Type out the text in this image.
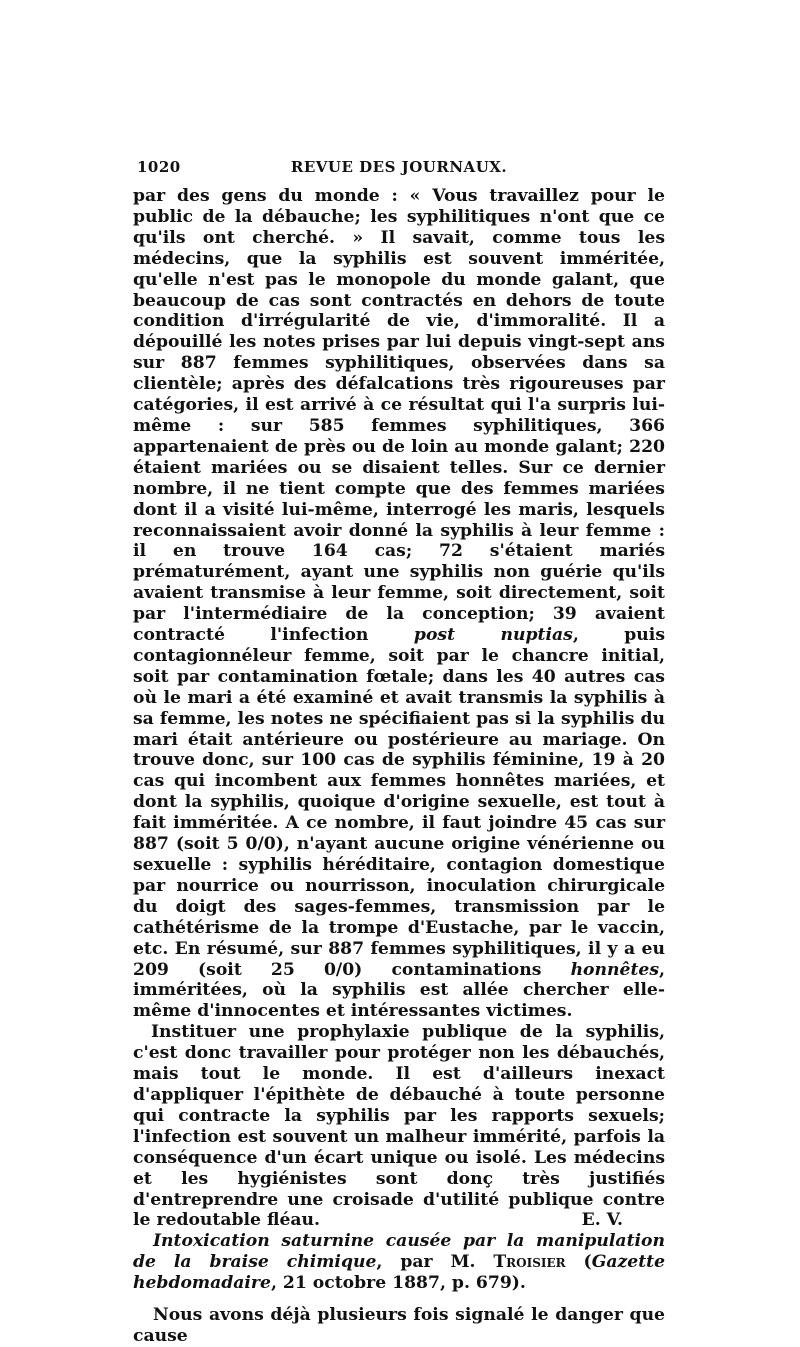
1020	REVUE DES JOURNAUX.

par des gens du monde : « Vous travaillez pour le public de la débauche; les syphilitiques n'ont que ce qu'ils ont cherché. » Il savait, comme tous les médecins, que la syphilis est souvent imméritée, qu'elle n'est pas le monopole du monde galant, que beaucoup de cas sont contractés en dehors de toute condition d'irrégularité de vie, d'immoralité. Il a dépouillé les notes prises par lui depuis vingt-sept ans sur 887 femmes syphilitiques, observées dans sa clientèle; après des défalcations très rigoureuses par catégories, il est arrivé à ce résultat qui l'a surpris lui-même : sur 585 femmes syphilitiques, 366 appartenaient de près ou de loin au monde galant; 220 étaient mariées ou se disaient telles. Sur ce dernier nombre, il ne tient compte que des femmes mariées dont il a visité lui-même, interrogé les maris, lesquels reconnaissaient avoir donné la syphilis à leur femme : il en trouve 164 cas; 72 s'étaient mariés prématurément, ayant une syphilis non guérie qu'ils avaient transmise à leur femme, soit directement, soit par l'intermédiaire de la conception; 39 avaient contracté l'infection post nuptias, puis contagionnéleur femme, soit par le chancre initial, soit par contamination fœtale; dans les 40 autres cas où le mari a été examiné et avait transmis la syphilis à sa femme, les notes ne spécifiaient pas si la syphilis du mari était antérieure ou postérieure au mariage. On trouve donc, sur 100 cas de syphilis féminine, 19 à 20 cas qui incombent aux femmes honnêtes mariées, et dont la syphilis, quoique d'origine sexuelle, est tout à fait imméritée. A ce nombre, il faut joindre 45 cas sur 887 (soit 5 0/0), n'ayant aucune origine vénérienne ou sexuelle : syphilis héréditaire, contagion domestique par nourrice ou nourrisson, inoculation chirurgicale du doigt des sages-femmes, transmission par le cathétérisme de la trompe d'Eustache, par le vaccin, etc. En résumé, sur 887 femmes syphilitiques, il y a eu 209 (soit 25 0/0) contaminations honnêtes, imméritées, où la syphilis est allée chercher elle-même d'innocentes et intéressantes victimes.

Instituer une prophylaxie publique de la syphilis, c'est donc travailler pour protéger non les débauchés, mais tout le monde. Il est d'ailleurs inexact d'appliquer l'épithète de débauché à toute personne qui contracte la syphilis par les rapports sexuels; l'infection est souvent un malheur immérité, parfois la conséquence d'un écart unique ou isolé. Les médecins et les hygiénistes sont donç très justifiés d'entreprendre une croisade d'utilité publique contre le redoutable fléau.	E. V.

Intoxication saturnine causée par la manipulation de la braise chimique, par M. Troisier (Gazette hebdomadaire, 21 octobre 1887, p. 679).

Nous avons déjà plusieurs fois signalé le danger que cause
